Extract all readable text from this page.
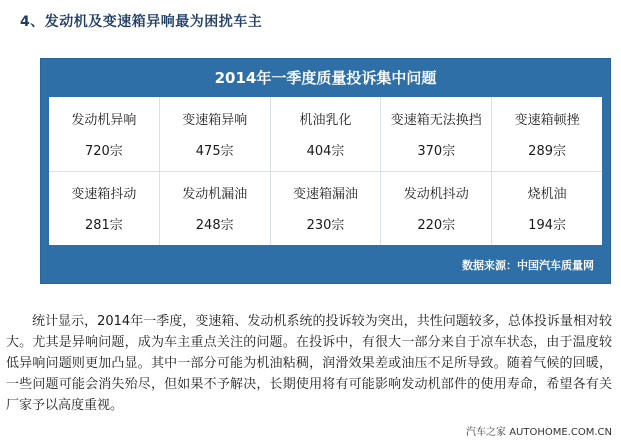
4、发动机及变速箱异响最为困扰车主
2014年一季度质量投诉集中问题
发动机异响
720宗
变速箱异响
475宗
机油乳化
404宗
变速箱无法换挡
370宗
变速箱顿挫
289宗
变速箱抖动
281宗
发动机漏油
248宗
变速箱漏油
230宗
发动机抖动
220宗
烧机油
194宗
数据来源：中国汽车质量网

统计显示，2014年一季度，变速箱、发动机系统的投诉较为突出，共性问题较多，总体投诉量相对较大。尤其是异响问题，成为车主重点关注的问题。在投诉中，有很大一部分来自于凉车状态，由于温度较低异响问题则更加凸显。其中一部分可能为机油粘稠，润滑效果差或油压不足所导致。随着气候的回暖，一些问题可能会消失殆尽，但如果不予解决，长期使用将有可能影响发动机部件的使用寿命，希望各有关厂家予以高度重视。

汽车之家 AUTOHOME.COM.CN
